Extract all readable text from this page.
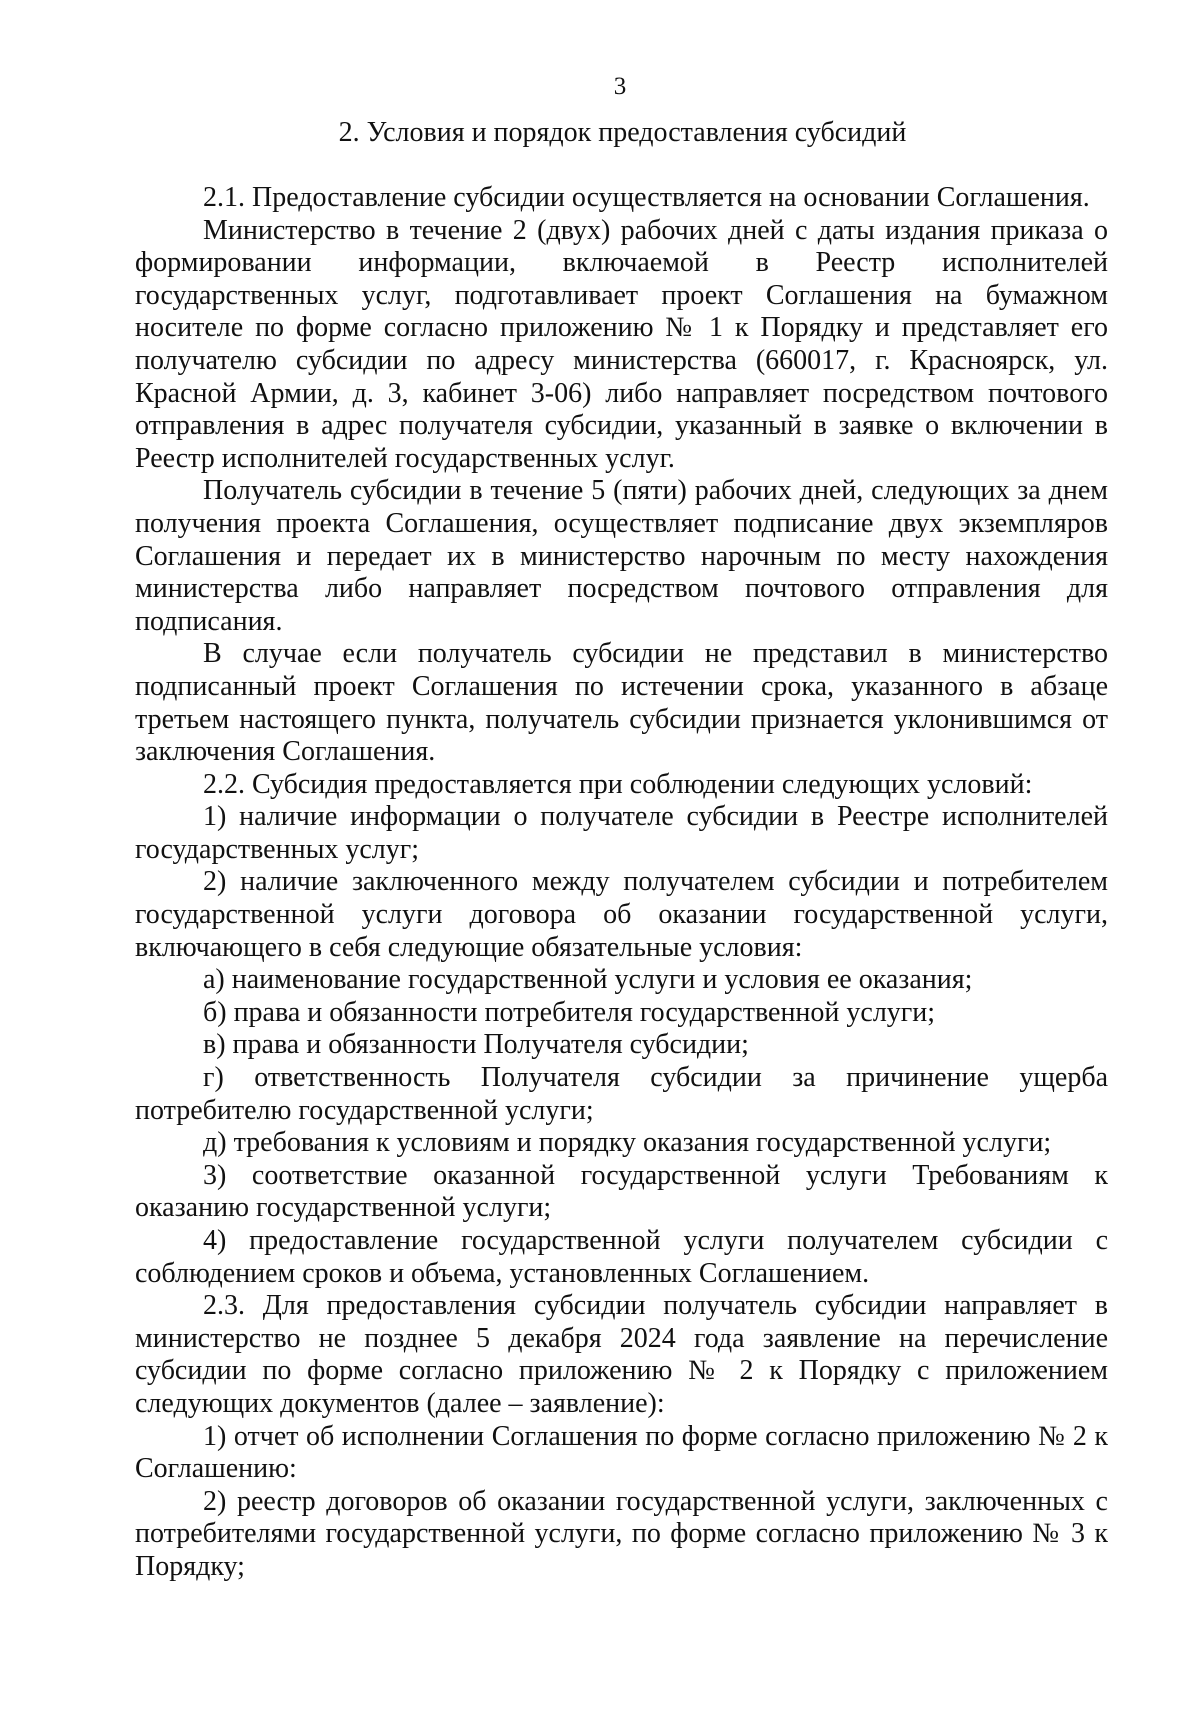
3
2. Условия и порядок предоставления субсидий

2.1. Предоставление субсидии осуществляется на основании Соглашения.

Министерство в течение 2 (двух) рабочих дней с даты издания приказа о формировании информации, включаемой в Реестр исполнителей государственных услуг, подготавливает проект Соглашения на бумажном носителе по форме согласно приложению № 1 к Порядку и представляет его получателю субсидии по адресу министерства (660017, г. Красноярск, ул. Красной Армии, д. 3, кабинет 3-06) либо направляет посредством почтового отправления в адрес получателя субсидии, указанный в заявке о включении в Реестр исполнителей государственных услуг.

Получатель субсидии в течение 5 (пяти) рабочих дней, следующих за днем получения проекта Соглашения, осуществляет подписание двух экземпляров Соглашения и передает их в министерство нарочным по месту нахождения министерства либо направляет посредством почтового отправления для подписания.

В случае если получатель субсидии не представил в министерство подписанный проект Соглашения по истечении срока, указанного в абзаце третьем настоящего пункта, получатель субсидии признается уклонившимся от заключения Соглашения.

2.2. Субсидия предоставляется при соблюдении следующих условий:

1) наличие информации о получателе субсидии в Реестре исполнителей государственных услуг;

2) наличие заключенного между получателем субсидии и потребителем государственной услуги договора об оказании государственной услуги, включающего в себя следующие обязательные условия:

а) наименование государственной услуги и условия ее оказания;

б) права и обязанности потребителя государственной услуги;

в) права и обязанности Получателя субсидии;

г) ответственность Получателя субсидии за причинение ущерба потребителю государственной услуги;

д) требования к условиям и порядку оказания государственной услуги;

3) соответствие оказанной государственной услуги Требованиям к оказанию государственной услуги;

4) предоставление государственной услуги получателем субсидии с соблюдением сроков и объема, установленных Соглашением.

2.3. Для предоставления субсидии получатель субсидии направляет в министерство не позднее 5 декабря 2024 года заявление на перечисление субсидии по форме согласно приложению № 2 к Порядку с приложением следующих документов (далее – заявление):

1) отчет об исполнении Соглашения по форме согласно приложению № 2 к Соглашению:

2) реестр договоров об оказании государственной услуги, заключенных с потребителями государственной услуги, по форме согласно приложению № 3 к Порядку;
